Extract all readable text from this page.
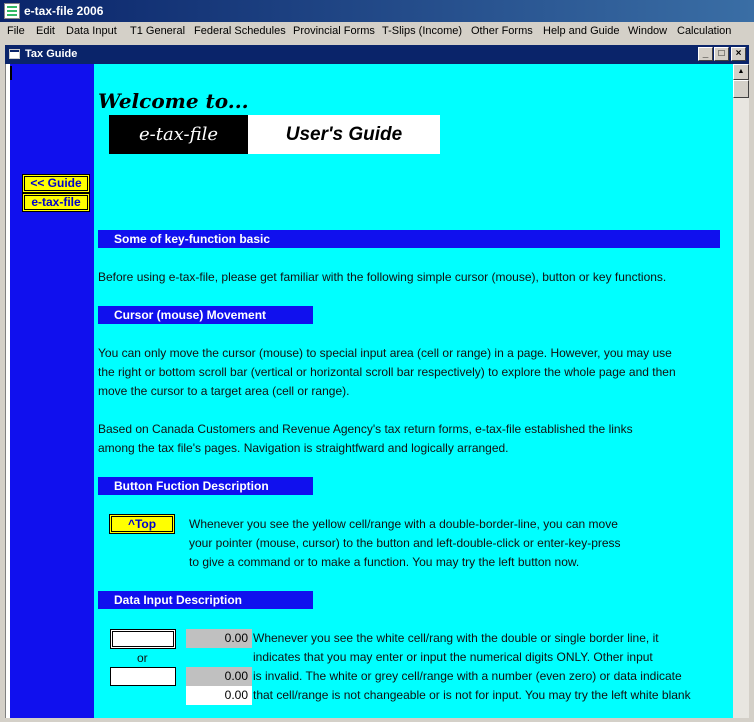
e-tax-file 2006
File Edit Data Input T1 General Federal Schedules Provincial Forms T-Slips (Income) Other Forms Help and Guide Window Calculation
Tax Guide	_	□	×
<< Guide
e-tax-file
Welcome to...
e-tax-file	User's Guide
Some of key-function basic
Before using e-tax-file, please get familiar with the following simple cursor (mouse), button or key functions.
Cursor (mouse) Movement
You can only move the cursor (mouse) to special input area (cell or range) in a page. However, you may use
the right or bottom scroll bar (vertical or horizontal scroll bar respectively) to explore the whole page and then
move the cursor to a target area (cell or range).
Based on Canada Customers and Revenue Agency's tax return forms, e-tax-file established the links
among the tax file's pages. Navigation is straightfward and logically arranged.
Button Fuction Description
^Top	Whenever you see the yellow cell/range with a double-border-line, you can move
your pointer (mouse, cursor) to the button and left-double-click or enter-key-press
to give a command or to make a function. You may try the left button now.
Data Input Description
or
0.00
0.00
0.00
Whenever you see the white cell/rang with the double or single border line, it
indicates that you may enter or input the numerical digits ONLY. Other input
is invalid. The white or grey cell/range with a number (even zero) or data indicate
that cell/range is not changeable or is not for input. You may try the left white blank
▲
